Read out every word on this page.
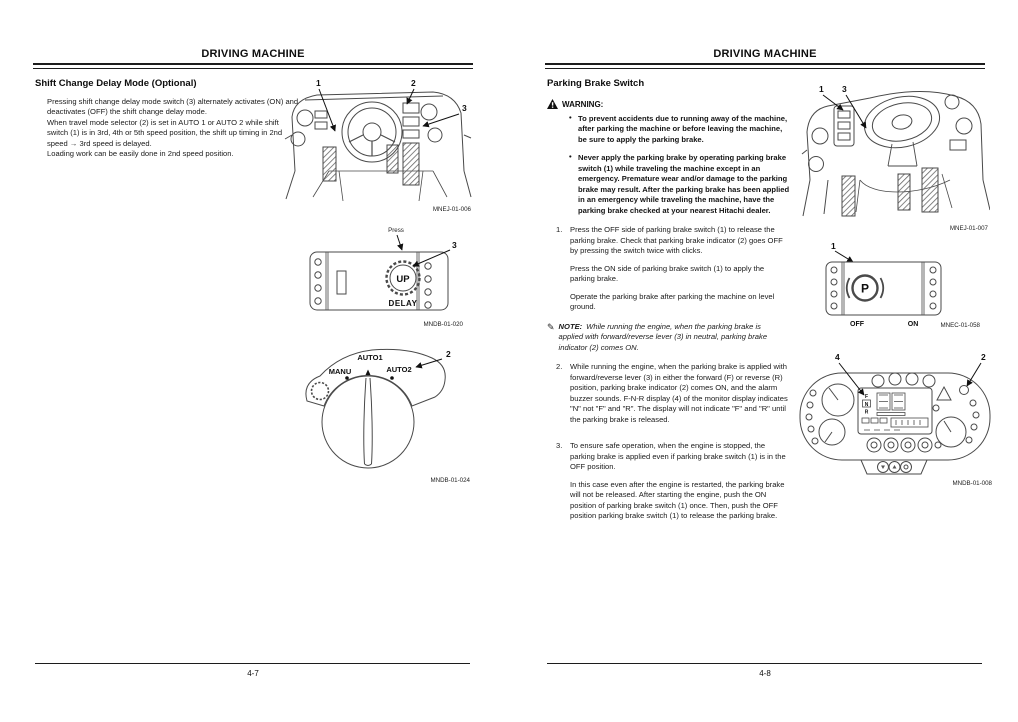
DRIVING MACHINE
Shift Change Delay Mode (Optional)

Pressing shift change delay mode switch (3) alternately activates (ON) and deactivates (OFF) the shift change delay mode.

When travel mode selector (2) is set in AUTO 1 or AUTO 2 while shift switch (1) is in 3rd, 4th or 5th speed position, the shift up timing in 2nd speed → 3rd speed is delayed.

Loading work can be easily done in 2nd speed position.

1	2
3
MNEJ-01-006
Press
UP
DELAY
3
MNDB-01-020
MANU
AUTO1
AUTO2
2
MNDB-01-024
4-7
DRIVING MACHINE
Parking Brake Switch
WARNING:

• To prevent accidents due to running away of the machine, after parking the machine or before leaving the machine, be sure to apply the parking brake.

• Never apply the parking brake by operating parking brake switch (1) while traveling the machine except in an emergency. Premature wear and/or damage to the parking brake may result. After the parking brake has been applied in an emergency while traveling the machine, have the parking brake checked at your nearest Hitachi dealer.

1.	Press the OFF side of parking brake switch (1) to release the parking brake. Check that parking brake indicator (2) goes OFF by pressing the switch twice with clicks.

Press the ON side of parking brake switch (1) to apply the parking brake.

Operate the parking brake after parking the machine on level ground.

✎ NOTE: While running the engine, when the parking brake is applied with forward/reverse lever (3) in neutral, parking brake indicator (2) comes ON.

2.	While running the engine, when the parking brake is applied with forward/reverse lever (3) in either the forward (F) or reverse (R) position, parking brake indicator (2) comes ON, and the alarm buzzer sounds. F-N-R display (4) of the monitor display indicates "N" not "F" and "R". The display will not indicate "F" and "R" until the parking brake is released.

3.	To ensure safe operation, when the engine is stopped, the parking brake is applied even if parking brake switch (1) is in the OFF position.

In this case even after the engine is restarted, the parking brake will not be released. After starting the engine, push the ON position of parking brake switch (1) once. Then, push the OFF position parking brake switch (1) to release the parking brake.

1 3
MNEJ-01-007
1
P
OFF	ON	MNEC-01-058
F
N
R
4	2
MNDB-01-008
4-8
